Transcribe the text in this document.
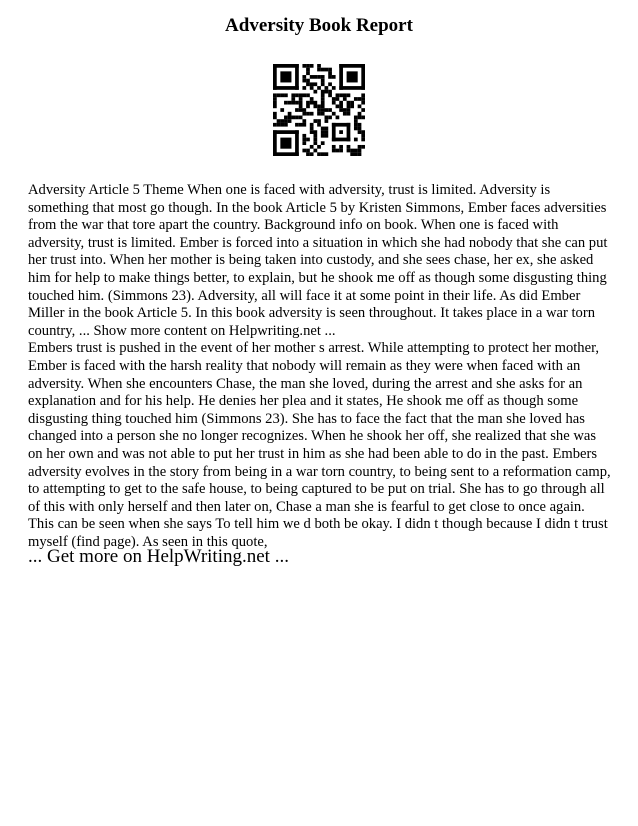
Adversity Book Report

Adversity Article 5 Theme When one is faced with adversity, trust is limited. Adversity is something that most go though. In the book Article 5 by Kristen Simmons, Ember faces adversities from the war that tore apart the country. Background info on book. When one is faced with adversity, trust is limited. Ember is forced into a situation in which she had nobody that she can put her trust into. When her mother is being taken into custody, and she sees chase, her ex, she asked him for help to make things better, to explain, but he shook me off as though some disgusting thing touched him. (Simmons 23). Adversity, all will face it at some point in their life. As did Ember Miller in the book Article 5. In this book adversity is seen throughout. It takes place in a war torn country, ... Show more content on Helpwriting.net ...

Embers trust is pushed in the event of her mother s arrest. While attempting to protect her mother, Ember is faced with the harsh reality that nobody will remain as they were when faced with an adversity. When she encounters Chase, the man she loved, during the arrest and she asks for an explanation and for his help. He denies her plea and it states, He shook me off as though some disgusting thing touched him (Simmons 23). She has to face the fact that the man she loved has changed into a person she no longer recognizes. When he shook her off, she realized that she was on her own and was not able to put her trust in him as she had been able to do in the past. Embers adversity evolves in the story from being in a war torn country, to being sent to a reformation camp, to attempting to get to the safe house, to being captured to be put on trial. She has to go through all of this with only herself and then later on, Chase a man she is fearful to get close to once again. This can be seen when she says To tell him we d both be okay. I didn t though because I didn t trust myself (find page). As seen in this quote,

... Get more on HelpWriting.net ...
